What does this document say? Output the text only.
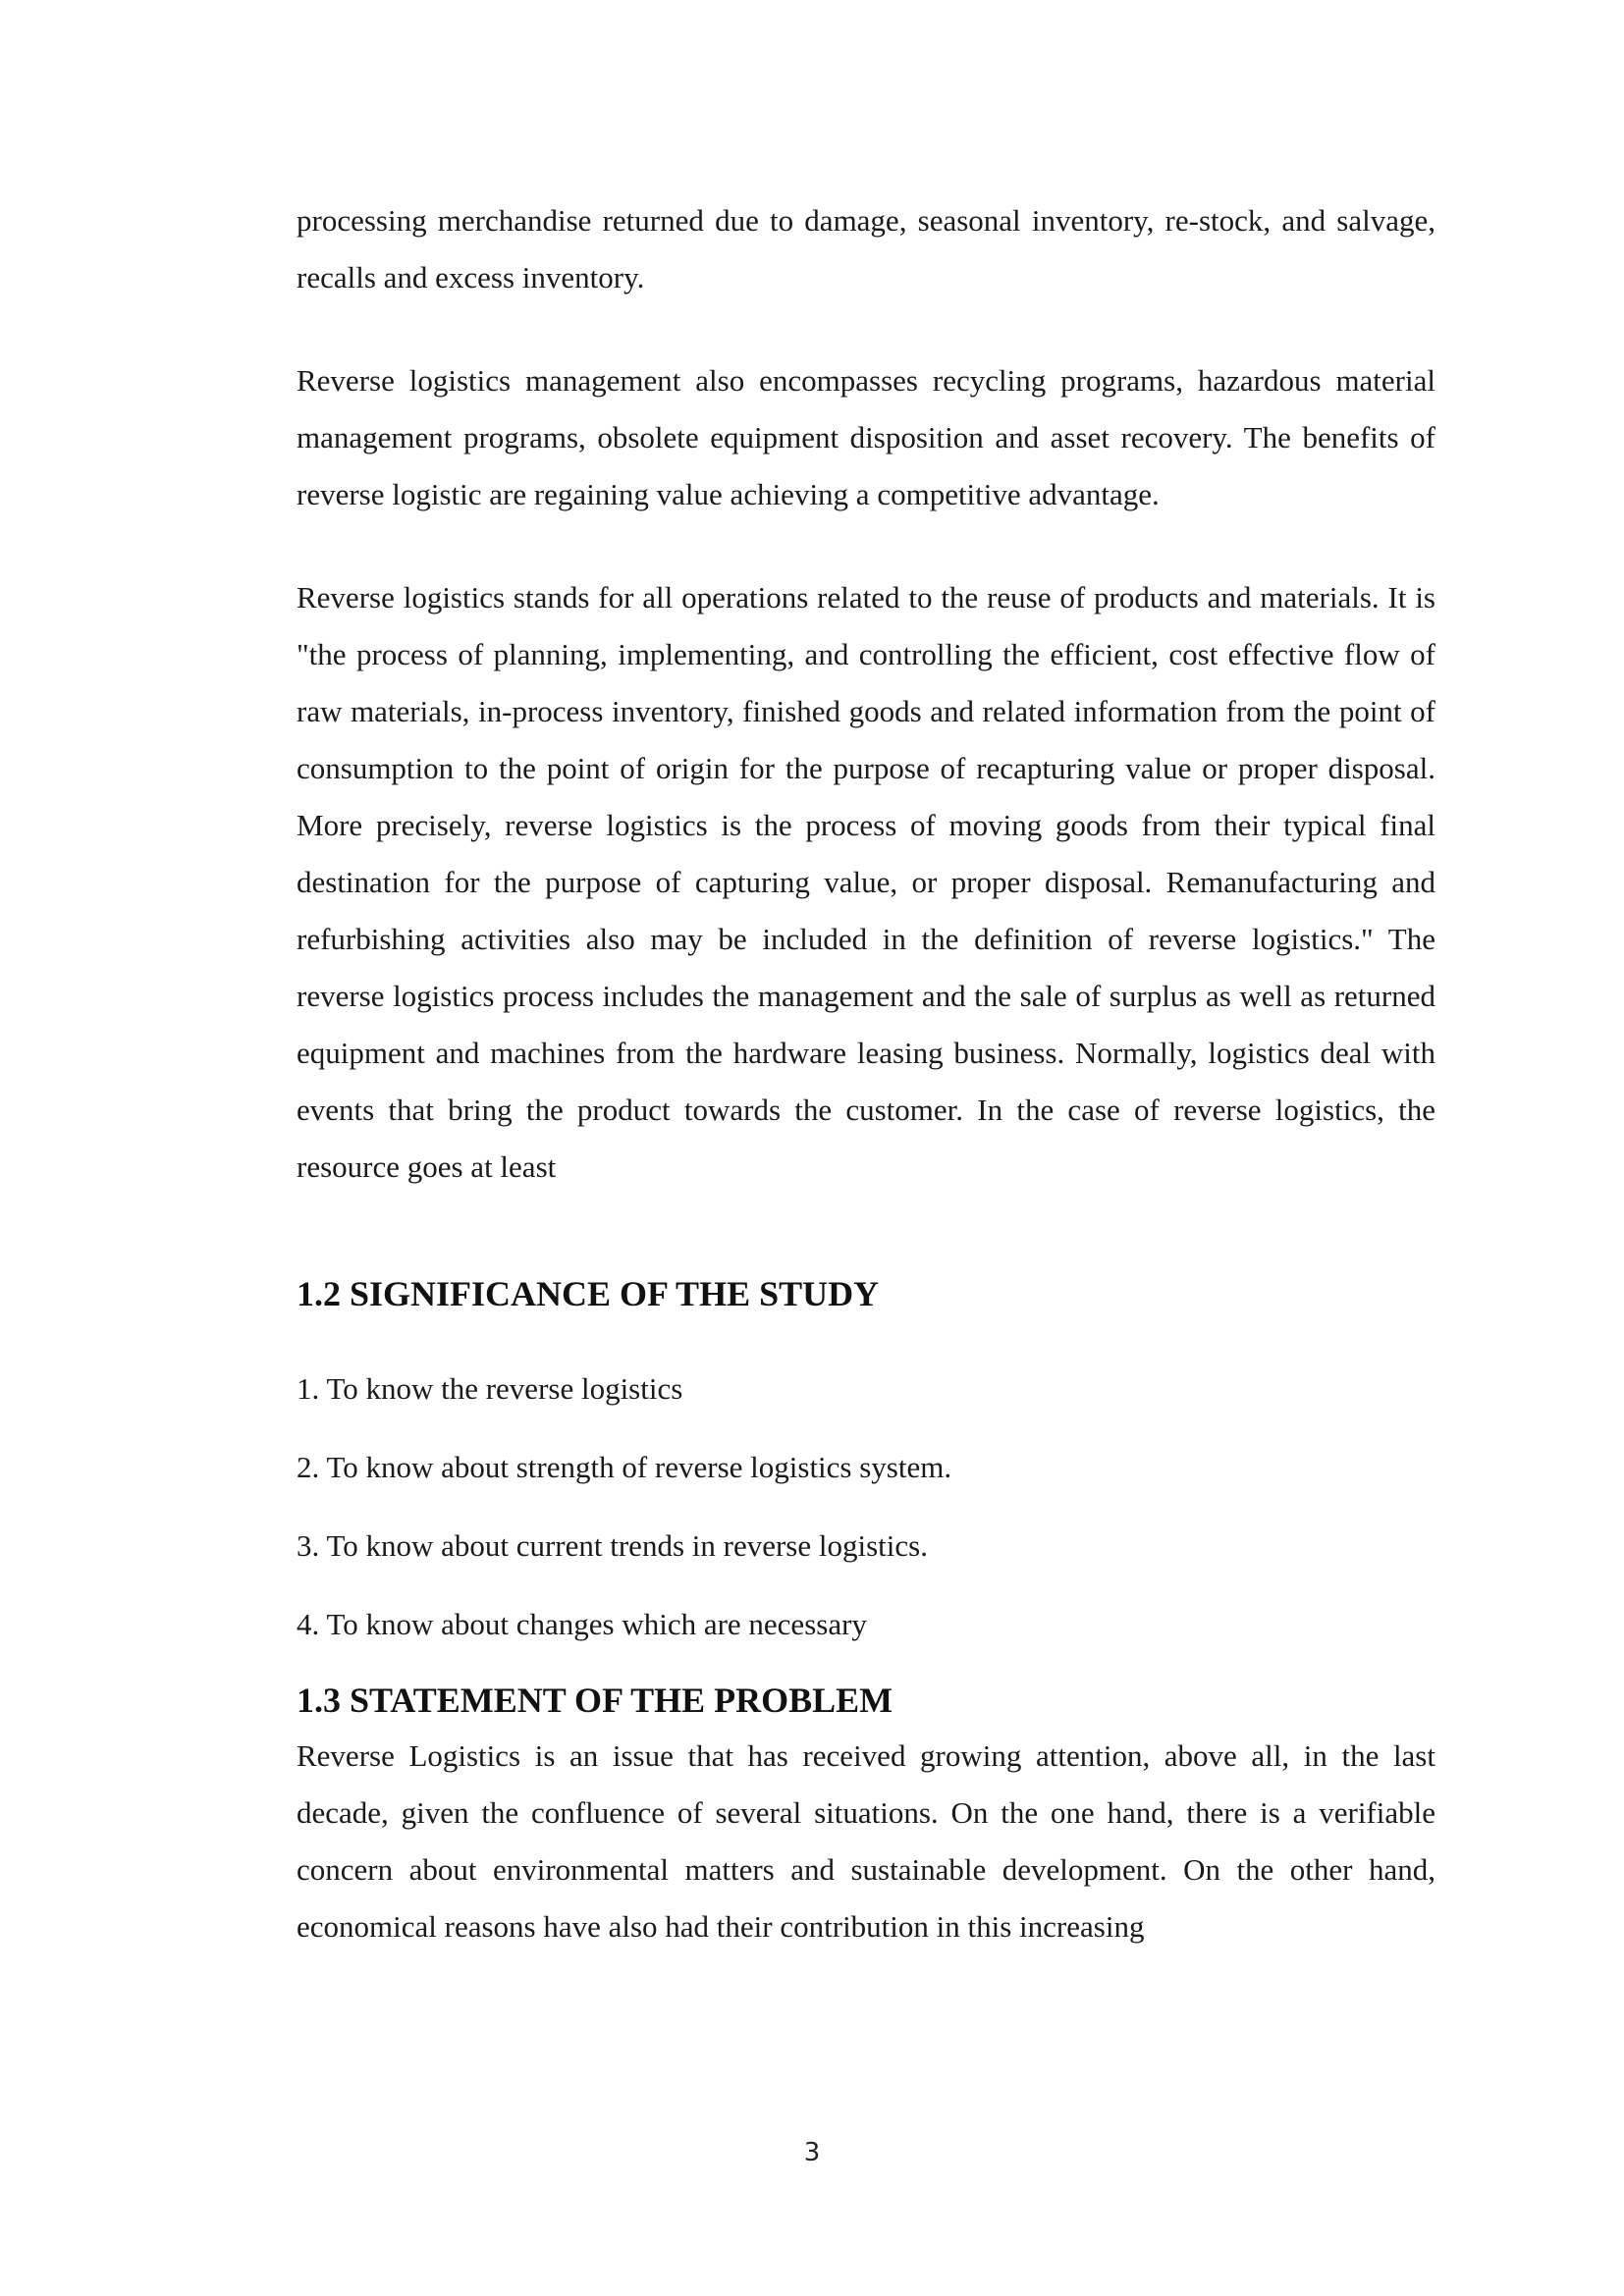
processing merchandise returned due to damage, seasonal inventory, re-stock, and salvage, recalls and excess inventory.

Reverse logistics management also encompasses recycling programs, hazardous material management programs, obsolete equipment disposition and asset recovery. The benefits of reverse logistic are regaining value achieving a competitive advantage.

Reverse logistics stands for all operations related to the reuse of products and materials. It is "the process of planning, implementing, and controlling the efficient, cost effective flow of raw materials, in-process inventory, finished goods and related information from the point of consumption to the point of origin for the purpose of recapturing value or proper disposal. More precisely, reverse logistics is the process of moving goods from their typical final destination for the purpose of capturing value, or proper disposal. Remanufacturing and refurbishing activities also may be included in the definition of reverse logistics." The reverse logistics process includes the management and the sale of surplus as well as returned equipment and machines from the hardware leasing business. Normally, logistics deal with events that bring the product towards the customer. In the case of reverse logistics, the resource goes at least

1.2 SIGNIFICANCE OF THE STUDY

1. To know the reverse logistics

2. To know about strength of reverse logistics system.

3. To know about current trends in reverse logistics.

4. To know about changes which are necessary

1.3 STATEMENT OF THE PROBLEM

Reverse Logistics is an issue that has received growing attention, above all, in the last decade, given the confluence of several situations. On the one hand, there is a verifiable concern about environmental matters and sustainable development. On the other hand, economical reasons have also had their contribution in this increasing

3
